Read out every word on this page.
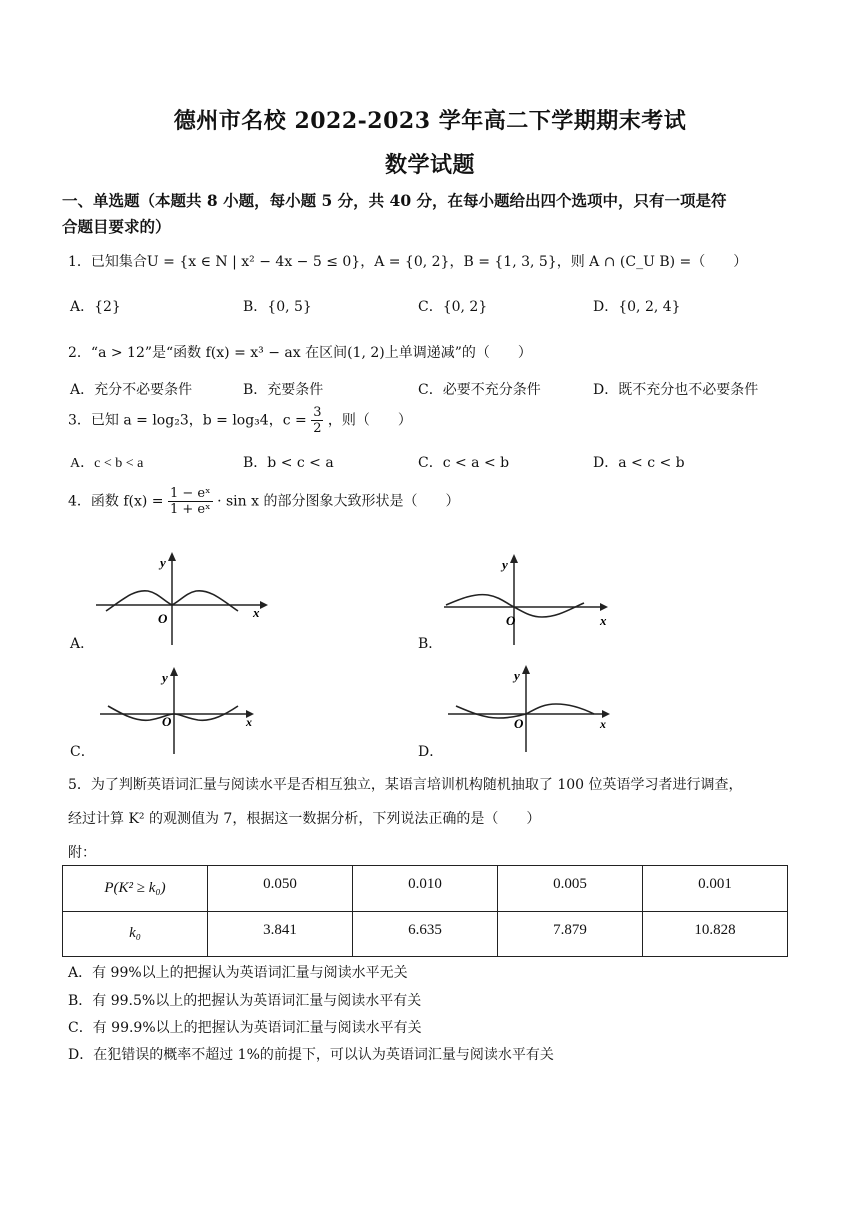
德州市名校 2022-2023 学年高二下学期期末考试
数学试题
一、单选题（本题共 8 小题，每小题 5 分，共 40 分，在每小题给出四个选项中，只有一项是符
合题目要求的）
1．已知集合U = {x ∈ N | x² − 4x − 5 ≤ 0}，A = {0, 2}，B = {1, 3, 5}，则 A ∩ (C_U B) =（　　）
A．{2}	B．{0, 5}	C．{0, 2}	D．{0, 2, 4}
2．“a > 12”是“函数 f(x) = x³ − ax 在区间(1, 2)上单调递减”的（　　）
A．充分不必要条件	B．充要条件	C．必要不充分条件	D．既不充分也不必要条件
3．已知 a = log₂3，b = log₃4，$c = \frac{3}{2}$ ，则（　　）
A．c < b < a	B．b < c < a	C．c < a < b	D．a < c < b
4．函数 $f(x) = \frac{\text{1 − eˣ}}{\text{1 + eˣ}} \cdot \sin x$ 的部分图象大致形状是（　　）
A．
y
x
O
B．
y
x
O
C．
y
x
O
D．
y
x
O
5．为了判断英语词汇量与阅读水平是否相互独立，某语言培训机构随机抽取了 100 位英语学习者进行调查，
经过计算 K² 的观测值为 7，根据这一数据分析，下列说法正确的是（　　）
附：
P(K² ≥ k₀)	0.050	0.010	0.005	0.001
k₀	3.841	6.635	7.879	10.828
A．有 99%以上的把握认为英语词汇量与阅读水平无关
B．有 99.5%以上的把握认为英语词汇量与阅读水平有关
C．有 99.9%以上的把握认为英语词汇量与阅读水平有关
D．在犯错误的概率不超过 1%的前提下，可以认为英语词汇量与阅读水平有关
